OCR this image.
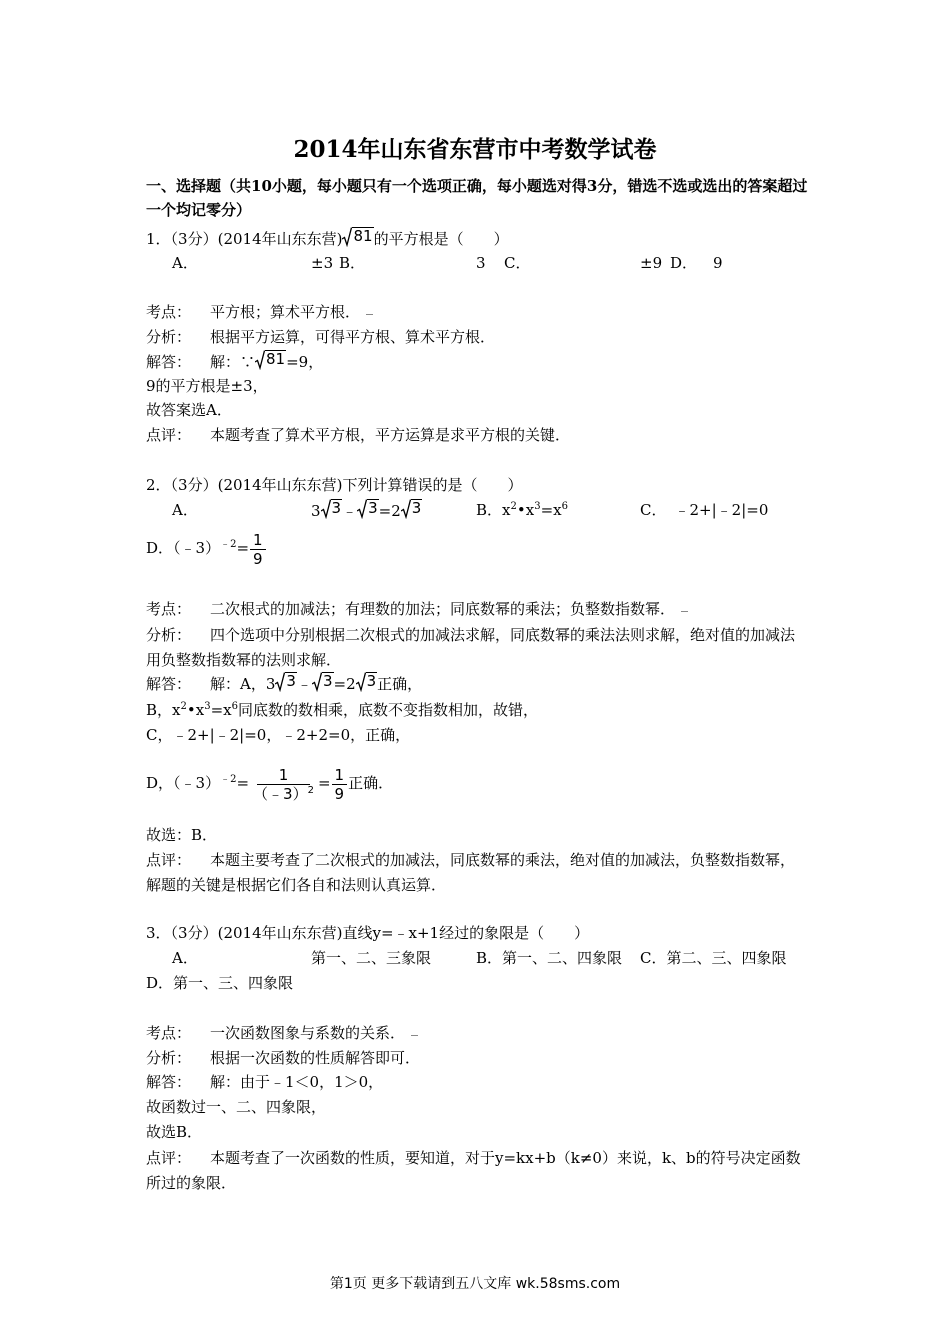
2014年山东省东营市中考数学试卷
一、选择题（共10小题，每小题只有一个选项正确，每小题选对得3分，错选不选或选出的答案超过一个均记零分）
1．（3分）(2014年山东东营) 81 的平方根是（　　）
A．	±3 B．	3 C．	±9 D． 9
考点： 平方根；算术平方根．
分析： 根据平方运算，可得平方根、算术平方根．
解答： 解：∵ 81 =9，
9的平方根是±3，
故答案选A．
点评： 本题考查了算术平方根，平方运算是求平方根的关键．
2．（3分）(2014年山东东营)下列计算错误的是（　　）
A．	3 3 ﹣ 3 =2 3	B．$x^2•x^3=x^6$	C． ﹣2+|﹣2|=0
D．（﹣3）$^{﹣2}$= $\frac{1}{9}$
考点： 二次根式的加减法；有理数的加法；同底数幂的乘法；负整数指数幂．
分析： 四个选项中分别根据二次根式的加减法求解，同底数幂的乘法法则求解，绝对值的加减法用负整数指数幂的法则求解．
解答： 解：A，3 3 ﹣ 3 =2 3 正确，
B，$x^2•x^3=x^6$同底数的数相乘，底数不变指数相加，故错，
C，﹣2+|﹣2|=0，﹣2+2=0，正确，
D，（﹣3）$^{﹣2}$= $\frac{1}{(﹣3)^2} = \frac{1}{9}$ 正确．
故选：B．
点评： 本题主要考查了二次根式的加减法，同底数幂的乘法，绝对值的加减法，负整数指数幂，解题的关键是根据它们各自和法则认真运算．
3．（3分）(2014年山东东营)直线y=﹣x+1经过的象限是（　　）
A．	第一、二、三象限	B．第一、二、四象限 C．第二、三、四象限
D．第一、三、四象限
考点： 一次函数图象与系数的关系．
分析： 根据一次函数的性质解答即可．
解答： 解：由于﹣1＜0，1＞0，
故函数过一、二、四象限，
故选B．
点评： 本题考查了一次函数的性质，要知道，对于y=kx+b（k≠0）来说，k、b的符号决定函数所过的象限．
第1页 更多下载请到五八文库 wk.58sms.com
